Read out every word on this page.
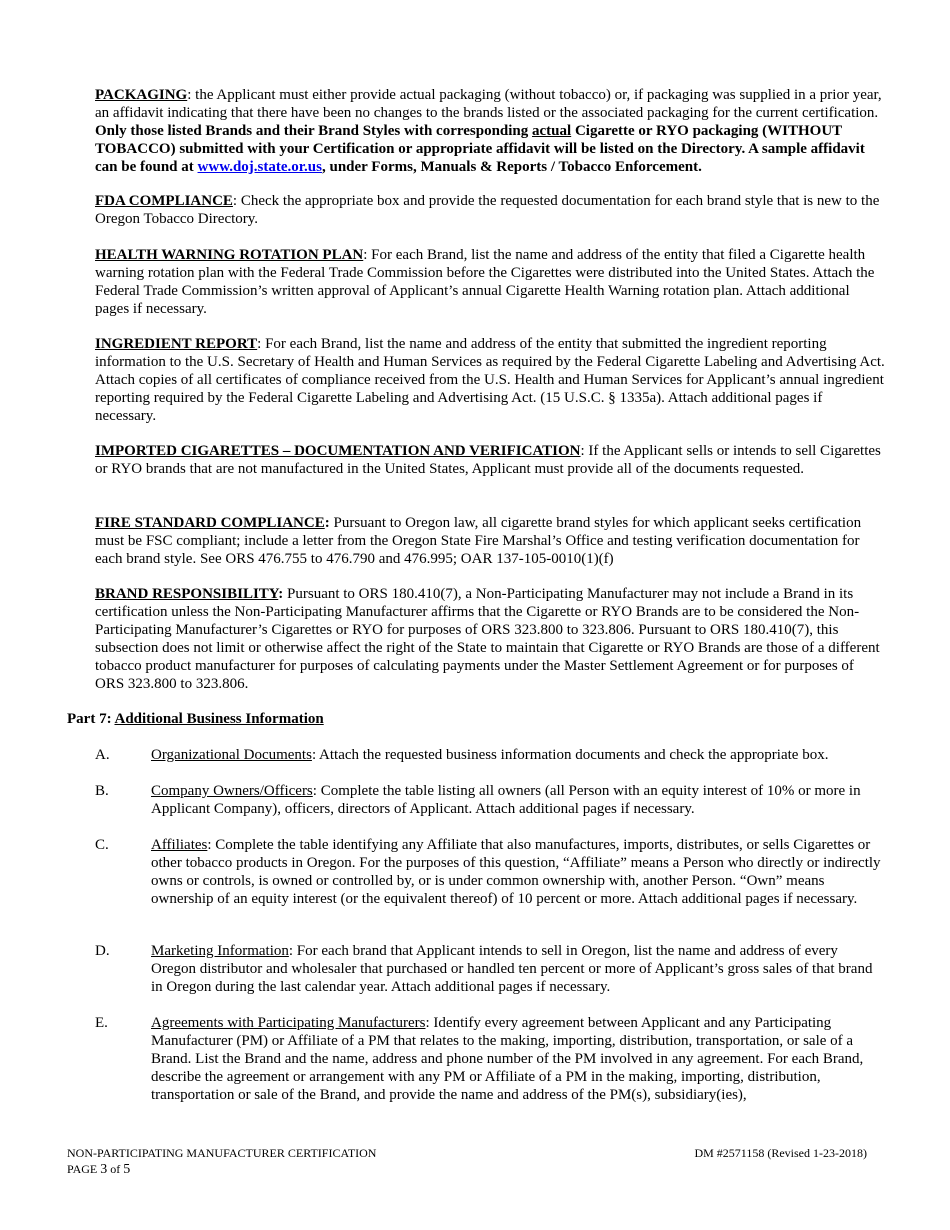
PACKAGING: the Applicant must either provide actual packaging (without tobacco) or, if packaging was supplied in a prior year, an affidavit indicating that there have been no changes to the brands listed or the associated packaging for the current certification. Only those listed Brands and their Brand Styles with corresponding actual Cigarette or RYO packaging (WITHOUT TOBACCO) submitted with your Certification or appropriate affidavit will be listed on the Directory. A sample affidavit can be found at www.doj.state.or.us, under Forms, Manuals & Reports / Tobacco Enforcement.

FDA COMPLIANCE: Check the appropriate box and provide the requested documentation for each brand style that is new to the Oregon Tobacco Directory.

HEALTH WARNING ROTATION PLAN: For each Brand, list the name and address of the entity that filed a Cigarette health warning rotation plan with the Federal Trade Commission before the Cigarettes were distributed into the United States. Attach the Federal Trade Commission’s written approval of Applicant’s annual Cigarette Health Warning rotation plan. Attach additional pages if necessary.

INGREDIENT REPORT: For each Brand, list the name and address of the entity that submitted the ingredient reporting information to the U.S. Secretary of Health and Human Services as required by the Federal Cigarette Labeling and Advertising Act. Attach copies of all certificates of compliance received from the U.S. Health and Human Services for Applicant’s annual ingredient reporting required by the Federal Cigarette Labeling and Advertising Act. (15 U.S.C. § 1335a). Attach additional pages if necessary.

IMPORTED CIGARETTES – DOCUMENTATION AND VERIFICATION: If the Applicant sells or intends to sell Cigarettes or RYO brands that are not manufactured in the United States, Applicant must provide all of the documents requested.

FIRE STANDARD COMPLIANCE: Pursuant to Oregon law, all cigarette brand styles for which applicant seeks certification must be FSC compliant; include a letter from the Oregon State Fire Marshal’s Office and testing verification documentation for each brand style. See ORS 476.755 to 476.790 and 476.995; OAR 137-105-0010(1)(f)

BRAND RESPONSIBILITY: Pursuant to ORS 180.410(7), a Non-Participating Manufacturer may not include a Brand in its certification unless the Non-Participating Manufacturer affirms that the Cigarette or RYO Brands are to be considered the Non-Participating Manufacturer’s Cigarettes or RYO for purposes of ORS 323.800 to 323.806. Pursuant to ORS 180.410(7), this subsection does not limit or otherwise affect the right of the State to maintain that Cigarette or RYO Brands are those of a different tobacco product manufacturer for purposes of calculating payments under the Master Settlement Agreement or for purposes of ORS 323.800 to 323.806.

Part 7: Additional Business Information

A.	Organizational Documents: Attach the requested business information documents and check the appropriate box.
B.	Company Owners/Officers: Complete the table listing all owners (all Person with an equity interest of 10% or more in Applicant Company), officers, directors of Applicant. Attach additional pages if necessary.
C.	Affiliates: Complete the table identifying any Affiliate that also manufactures, imports, distributes, or sells Cigarettes or other tobacco products in Oregon. For the purposes of this question, “Affiliate” means a Person who directly or indirectly owns or controls, is owned or controlled by, or is under common ownership with, another Person. “Own” means ownership of an equity interest (or the equivalent thereof) of 10 percent or more. Attach additional pages if necessary.
D.	Marketing Information: For each brand that Applicant intends to sell in Oregon, list the name and address of every Oregon distributor and wholesaler that purchased or handled ten percent or more of Applicant’s gross sales of that brand in Oregon during the last calendar year. Attach additional pages if necessary.
E.	Agreements with Participating Manufacturers: Identify every agreement between Applicant and any Participating Manufacturer (PM) or Affiliate of a PM that relates to the making, importing, distribution, transportation, or sale of a Brand. List the Brand and the name, address and phone number of the PM involved in any agreement. For each Brand, describe the agreement or arrangement with any PM or Affiliate of a PM in the making, importing, distribution, transportation or sale of the Brand, and provide the name and address of the PM(s), subsidiary(ies),
NON-PARTICIPATING MANUFACTURER CERTIFICATION	DM #2571158 (Revised 1-23-2018)
PAGE 3 of 5
